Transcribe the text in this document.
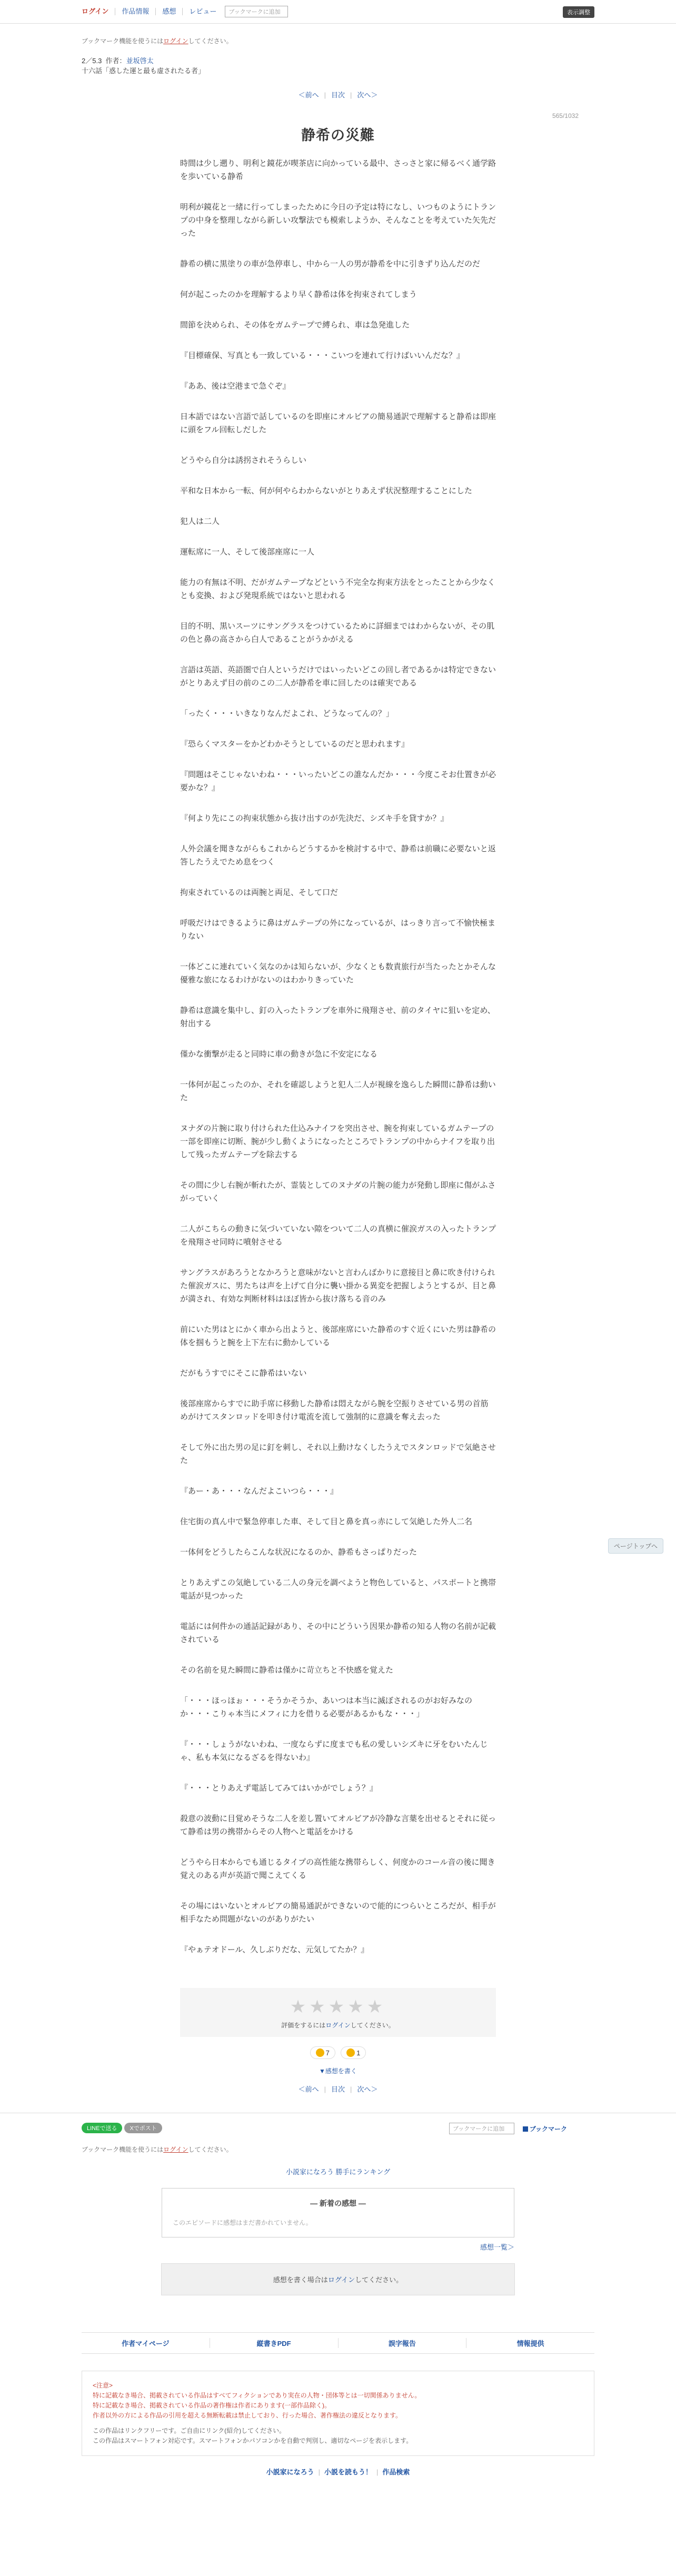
ログイン	作品情報	感想	レビュー	ブックマークに追加	表示調整
ブックマーク機能を使うにはログインしてください。
2／5.3 作者：並坂啓太
十六話「惑した運と最も虚されたる者」
＜前へ | 目次 | 次へ＞
565/1032
静希の災難

時間は少し遡り、明利と鏡花が喫茶店に向かっている最中、さっさと家に帰るべく通学路を歩いている静希

明利が鏡花と一緒に行ってしまったために今日の予定は特になし、いつものようにトランプの中身を整理しながら新しい攻撃法でも模索しようか、そんなことを考えていた矢先だった

静希の横に黒塗りの車が急停車し、中から一人の男が静希を中に引きずり込んだのだ

何が起こったのかを理解するより早く静希は体を拘束されてしまう

間節を決められ、その体をガムテープで縛られ、車は急発進した

『目標確保、写真とも一致している・・・こいつを連れて行けばいいんだな？』

『ああ、後は空港まで急ぐぞ』

日本語ではない言語で話しているのを即座にオルビアの簡易通訳で理解すると静希は即座に頭をフル回転しだした

どうやら自分は誘拐されそうらしい

平和な日本から一転、何が何やらわからないがとりあえず状況整理することにした

犯人は二人

運転席に一人、そして後部座席に一人

能力の有無は不明、だがガムテープなどという不完全な拘束方法をとったことから少なくとも変換、および発現系統ではないと思われる

目的不明、黒いスーツにサングラスをつけているために詳細まではわからないが、その肌の色と鼻の高さから白人であることがうかがえる

言語は英語、英語圏で白人というだけではいったいどこの回し者であるかは特定できないがとりあえず目の前のこの二人が静希を車に回したのは確実である

「ったく・・・いきなりなんだよこれ、どうなってんの？」

『恐らくマスターをかどわかそうとしているのだと思われます』

『問題はそこじゃないわね・・・いったいどこの誰なんだか・・・今度こそお仕置きが必要かな？』

『何より先にこの拘束状態から抜け出すのが先決だ、シズキ手を貸すか？』

人外会議を聞きながらもこれからどうするかを検討する中で、静希は前職に必要ないと返答したうえでため息をつく

拘束されているのは両腕と両足、そして口だ

呼吸だけはできるように鼻はガムテープの外になっているが、はっきり言って不愉快極まりない

一体どこに連れていく気なのかは知らないが、少なくとも数責旅行が当たったとかそんな優雅な旅になるわけがないのはわかりきっていた

静希は意識を集中し、釘の入ったトランプを車外に飛翔させ、前のタイヤに狙いを定め、射出する

僅かな衝撃が走ると同時に車の動きが急に不安定になる

一体何が起こったのか、それを確認しようと犯人二人が視線を逸らした瞬間に静希は動いた

ヌナダの片腕に取り付けられた仕込みナイフを突出させ、腕を拘束しているガムテープの一部を即座に切断、腕が少し動くようになったところでトランプの中からナイフを取り出して残ったガムテープを除去する

その間に少し右腕が斬れたが、霊装としてのヌナダの片腕の能力が発動し即座に傷がふさがっていく

二人がこちらの動きに気づいていない隙をついて二人の真横に催涙ガスの入ったトランプを飛翔させ同時に噴射させる

サングラスがあろうとなかろうと意味がないと言わんばかりに意接目と鼻に吹き付けられた催涙ガスに、男たちは声を上げて自分に襲い掛かる異変を把握しようとするが、目と鼻が満され、有効な判断材料はほぼ皆から抜け落ちる音のみ

前にいた男はとにかく車から出ようと、後部座席にいた静希のすぐ近くにいた男は静希の体を掴もうと腕を上下左右に動かしている

だがもうすでにそこに静希はいない

後部座席からすでに助手席に移動した静希は悶えながら腕を空振りさせている男の首筋めがけてスタンロッドを叩き付け電流を流して強制的に意識を奪え去った

そして外に出た男の足に釘を刺し、それ以上動けなくしたうえでスタンロッドで気絶させた

『あー・あ・・・なんだよこいつら・・・』

住宅街の真ん中で緊急停車した車、そして目と鼻を真っ赤にして気絶した外人二名

一体何をどうしたらこんな状況になるのか、静希もさっぱりだった

とりあえずこの気絶している二人の身元を調べようと物色していると、パスポートと携帯電話が見つかった

電話には何件かの通話記録があり、その中にどういう因果か静希の知る人物の名前が記載されている

その名前を見た瞬間に静希は僅かに苛立ちと不快感を覚えた

「・・・ほっほぉ・・・そうかそうか、あいつは本当に滅ぼされるのがお好みなのか・・・こりゃ本当にメフィに力を借りる必要があるかもな・・・」

『・・・しょうがないわね、一度ならずに度までも私の愛しいシズキに牙をむいたんじゃ、私も本気になるざるを得ないわ』

『・・・とりあえず電話してみてはいかがでしょう？』

殺意の波動に目覚めそうな二人を差し置いてオルビアが冷静な言葉を出せるとそれに従って静希は男の携帯からその人物へと電話をかける

どうやら日本からでも通じるタイプの高性能な携帯らしく、何度かのコール音の後に聞き覚えのある声が英語で聞こえてくる

その場にはいないとオルビアの簡易通訳ができないので能的につらいところだが、相手が相手なため問題がないのがありがたい

『やぁテオドール、久しぶりだな、元気してたか？』

★★★★★
評価をするにはログインしてください。
7	1
▼感想を書く
＜前へ | 目次 | 次へ＞
ページトップへ
LINEで送る Xでポスト	ブックマークに追加	ブックマーク
ブックマーク機能を使うにはログインしてください。
小説家になろう 勝手にランキング
― 新着の感想 ―
このエピソードに感想はまだ書かれていません。
感想一覧＞
感想を書く場合はログインしてください。
作者マイページ	縦書きPDF	誤字報告	情報提供
<注意>
特に記載なき場合、掲載されている作品はすべてフィクションであり実在の人物・団体等とは一切関係ありません。
特に記載なき場合、掲載されている作品の著作権は作者にあります(一部作品除く)。
作者以外の方による作品の引用を超える無断転載は禁止しており、行った場合、著作権法の違反となります。
この作品はリンクフリーです。ご自由にリンク(紹介)してください。
この作品はスマートフォン対応です。スマートフォンかパソコンかを自動で判別し、適切なページを表示します。
小説家になろう | 小説を読もう！ | 作品検索
